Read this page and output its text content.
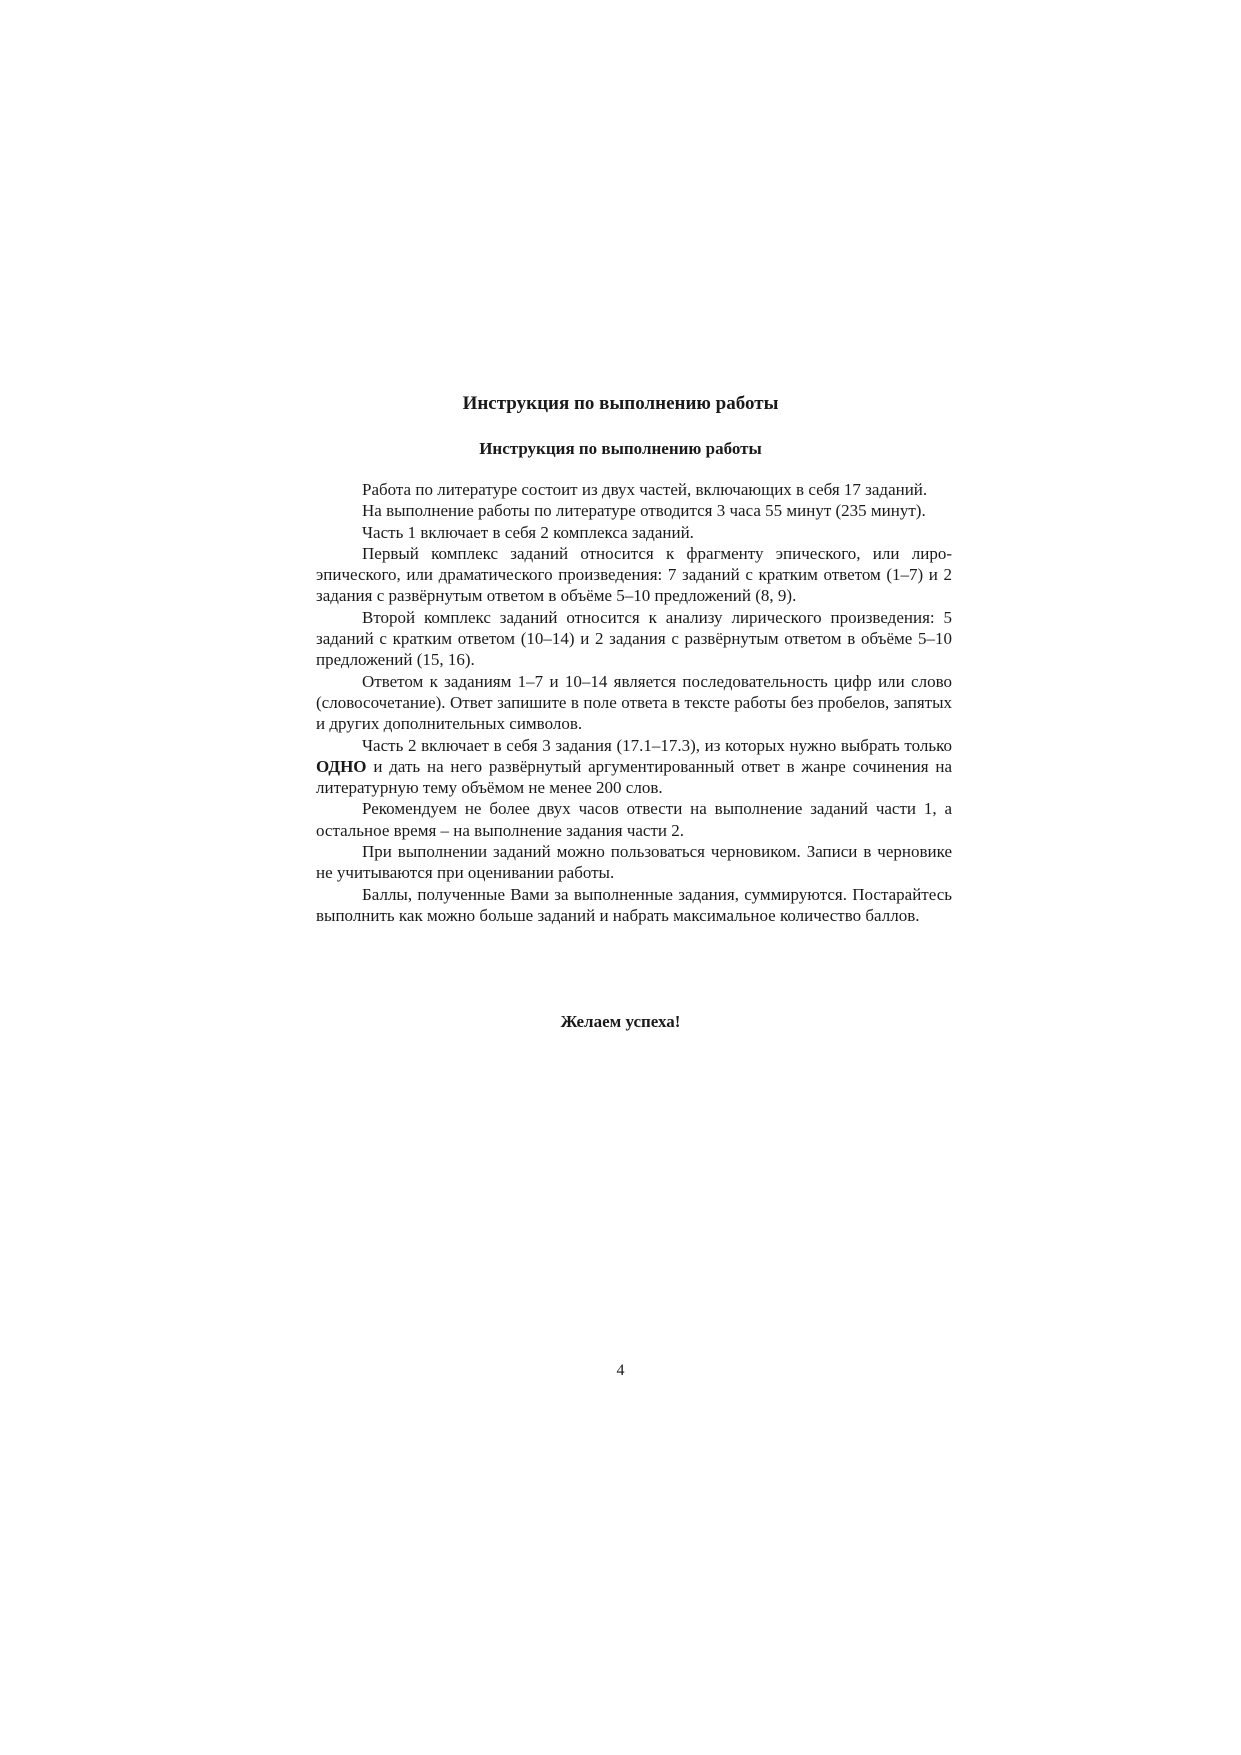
Инструкция по выполнению работы
Инструкция по выполнению работы

Работа по литературе состоит из двух частей, включающих в себя 17 заданий.

На выполнение работы по литературе отводится 3 часа 55 минут (235 минут).

Часть 1 включает в себя 2 комплекса заданий.

Первый комплекс заданий относится к фрагменту эпического, или лиро-эпического, или драматического произведения: 7 заданий с кратким ответом (1–7) и 2 задания с развёрнутым ответом в объёме 5–10 предложений (8, 9).

Второй комплекс заданий относится к анализу лирического произведения: 5 заданий с кратким ответом (10–14) и 2 задания с развёрнутым ответом в объёме 5–10 предложений (15, 16).

Ответом к заданиям 1–7 и 10–14 является последовательность цифр или слово (словосочетание). Ответ запишите в поле ответа в тексте работы без пробелов, запятых и других дополнительных символов.

Часть 2 включает в себя 3 задания (17.1–17.3), из которых нужно выбрать только ОДНО и дать на него развёрнутый аргументированный ответ в жанре сочинения на литературную тему объёмом не менее 200 слов.

Рекомендуем не более двух часов отвести на выполнение заданий части 1, а остальное время – на выполнение задания части 2.

При выполнении заданий можно пользоваться черновиком. Записи в черновике не учитываются при оценивании работы.

Баллы, полученные Вами за выполненные задания, суммируются. Постарайтесь выполнить как можно больше заданий и набрать максимальное количество баллов.

Желаем успеха!

4
